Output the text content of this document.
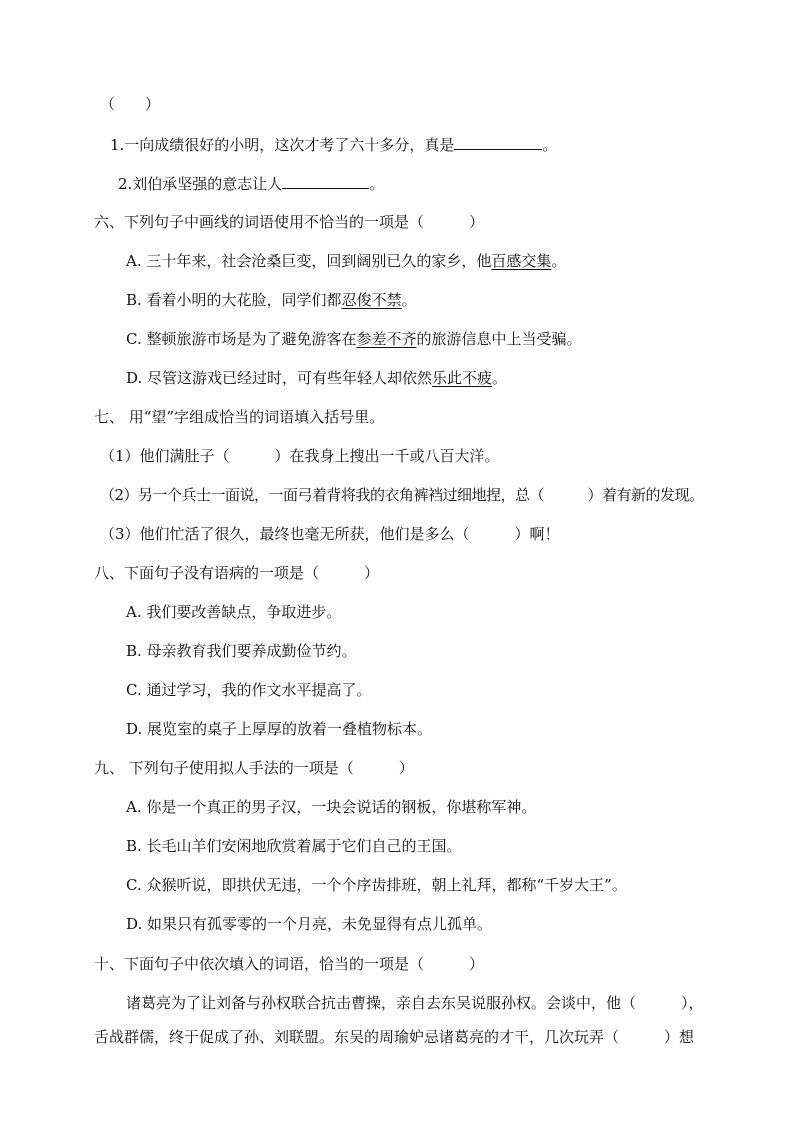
（　　）
1.一向成绩很好的小明，这次才考了六十多分，真是	。
2.刘伯承坚强的意志让人	。
六、下列句子中画线的词语使用不恰当的一项是（　　　）
A. 三十年来，社会沧桑巨变，回到阔别已久的家乡，他百感交集。
B. 看着小明的大花脸，同学们都忍俊不禁。
C. 整顿旅游市场是为了避免游客在参差不齐的旅游信息中上当受骗。
D. 尽管这游戏已经过时，可有些年轻人却依然乐此不疲。
七、 用“望”字组成恰当的词语填入括号里。
（1）他们满肚子（　　　）在我身上搜出一千或八百大洋。
（2）另一个兵士一面说，一面弓着背将我的衣角裤裆过细地捏，总（　　　）着有新的发现。
（3）他们忙活了很久，最终也毫无所获，他们是多么（　　　）啊！
八、下面句子没有语病的一项是（　　　）
A. 我们要改善缺点，争取进步。
B. 母亲教育我们要养成勤俭节约。
C. 通过学习，我的作文水平提高了。
D. 展览室的桌子上厚厚的放着一叠植物标本。
九、 下列句子使用拟人手法的一项是（　　　）
A. 你是一个真正的男子汉，一块会说话的钢板，你堪称军神。
B. 长毛山羊们安闲地欣赏着属于它们自己的王国。
C. 众猴听说，即拱伏无违，一个个序齿排班，朝上礼拜，都称“千岁大王”。
D. 如果只有孤零零的一个月亮，未免显得有点儿孤单。
十、下面句子中依次填入的词语，恰当的一项是（　　　）
诸葛亮为了让刘备与孙权联合抗击曹操，亲自去东吴说服孙权。会谈中，他（　　　），
舌战群儒，终于促成了孙、刘联盟。东吴的周瑜妒忌诸葛亮的才干，几次玩弄（　　　）想
